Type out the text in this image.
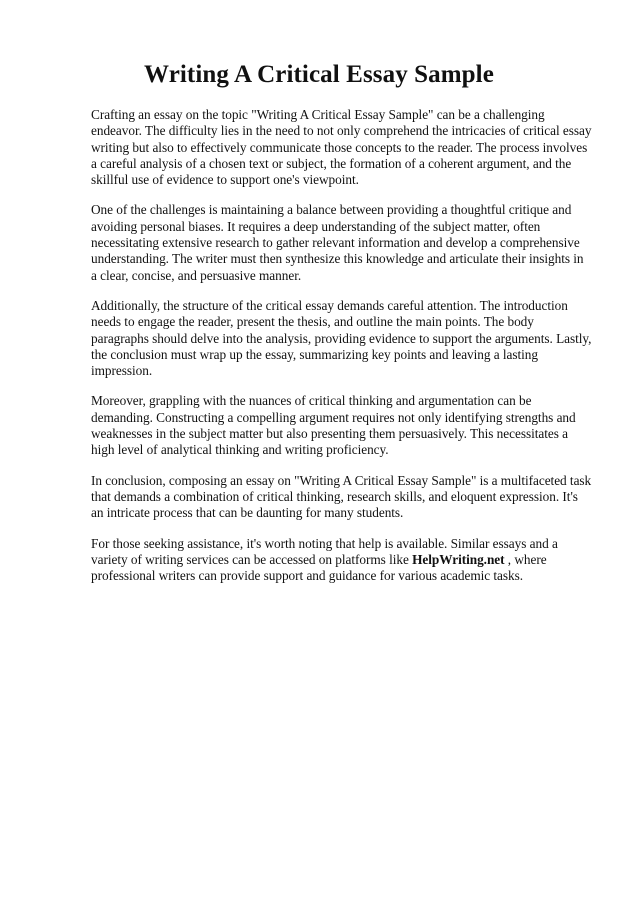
Writing A Critical Essay Sample

Crafting an essay on the topic "Writing A Critical Essay Sample" can be a challenging endeavor. The difficulty lies in the need to not only comprehend the intricacies of critical essay writing but also to effectively communicate those concepts to the reader. The process involves a careful analysis of a chosen text or subject, the formation of a coherent argument, and the skillful use of evidence to support one's viewpoint.

One of the challenges is maintaining a balance between providing a thoughtful critique and avoiding personal biases. It requires a deep understanding of the subject matter, often necessitating extensive research to gather relevant information and develop a comprehensive understanding. The writer must then synthesize this knowledge and articulate their insights in a clear, concise, and persuasive manner.

Additionally, the structure of the critical essay demands careful attention. The introduction needs to engage the reader, present the thesis, and outline the main points. The body paragraphs should delve into the analysis, providing evidence to support the arguments. Lastly, the conclusion must wrap up the essay, summarizing key points and leaving a lasting impression.

Moreover, grappling with the nuances of critical thinking and argumentation can be demanding. Constructing a compelling argument requires not only identifying strengths and weaknesses in the subject matter but also presenting them persuasively. This necessitates a high level of analytical thinking and writing proficiency.

In conclusion, composing an essay on "Writing A Critical Essay Sample" is a multifaceted task that demands a combination of critical thinking, research skills, and eloquent expression. It's an intricate process that can be daunting for many students.

For those seeking assistance, it's worth noting that help is available. Similar essays and a variety of writing services can be accessed on platforms like HelpWriting.net , where professional writers can provide support and guidance for various academic tasks.
